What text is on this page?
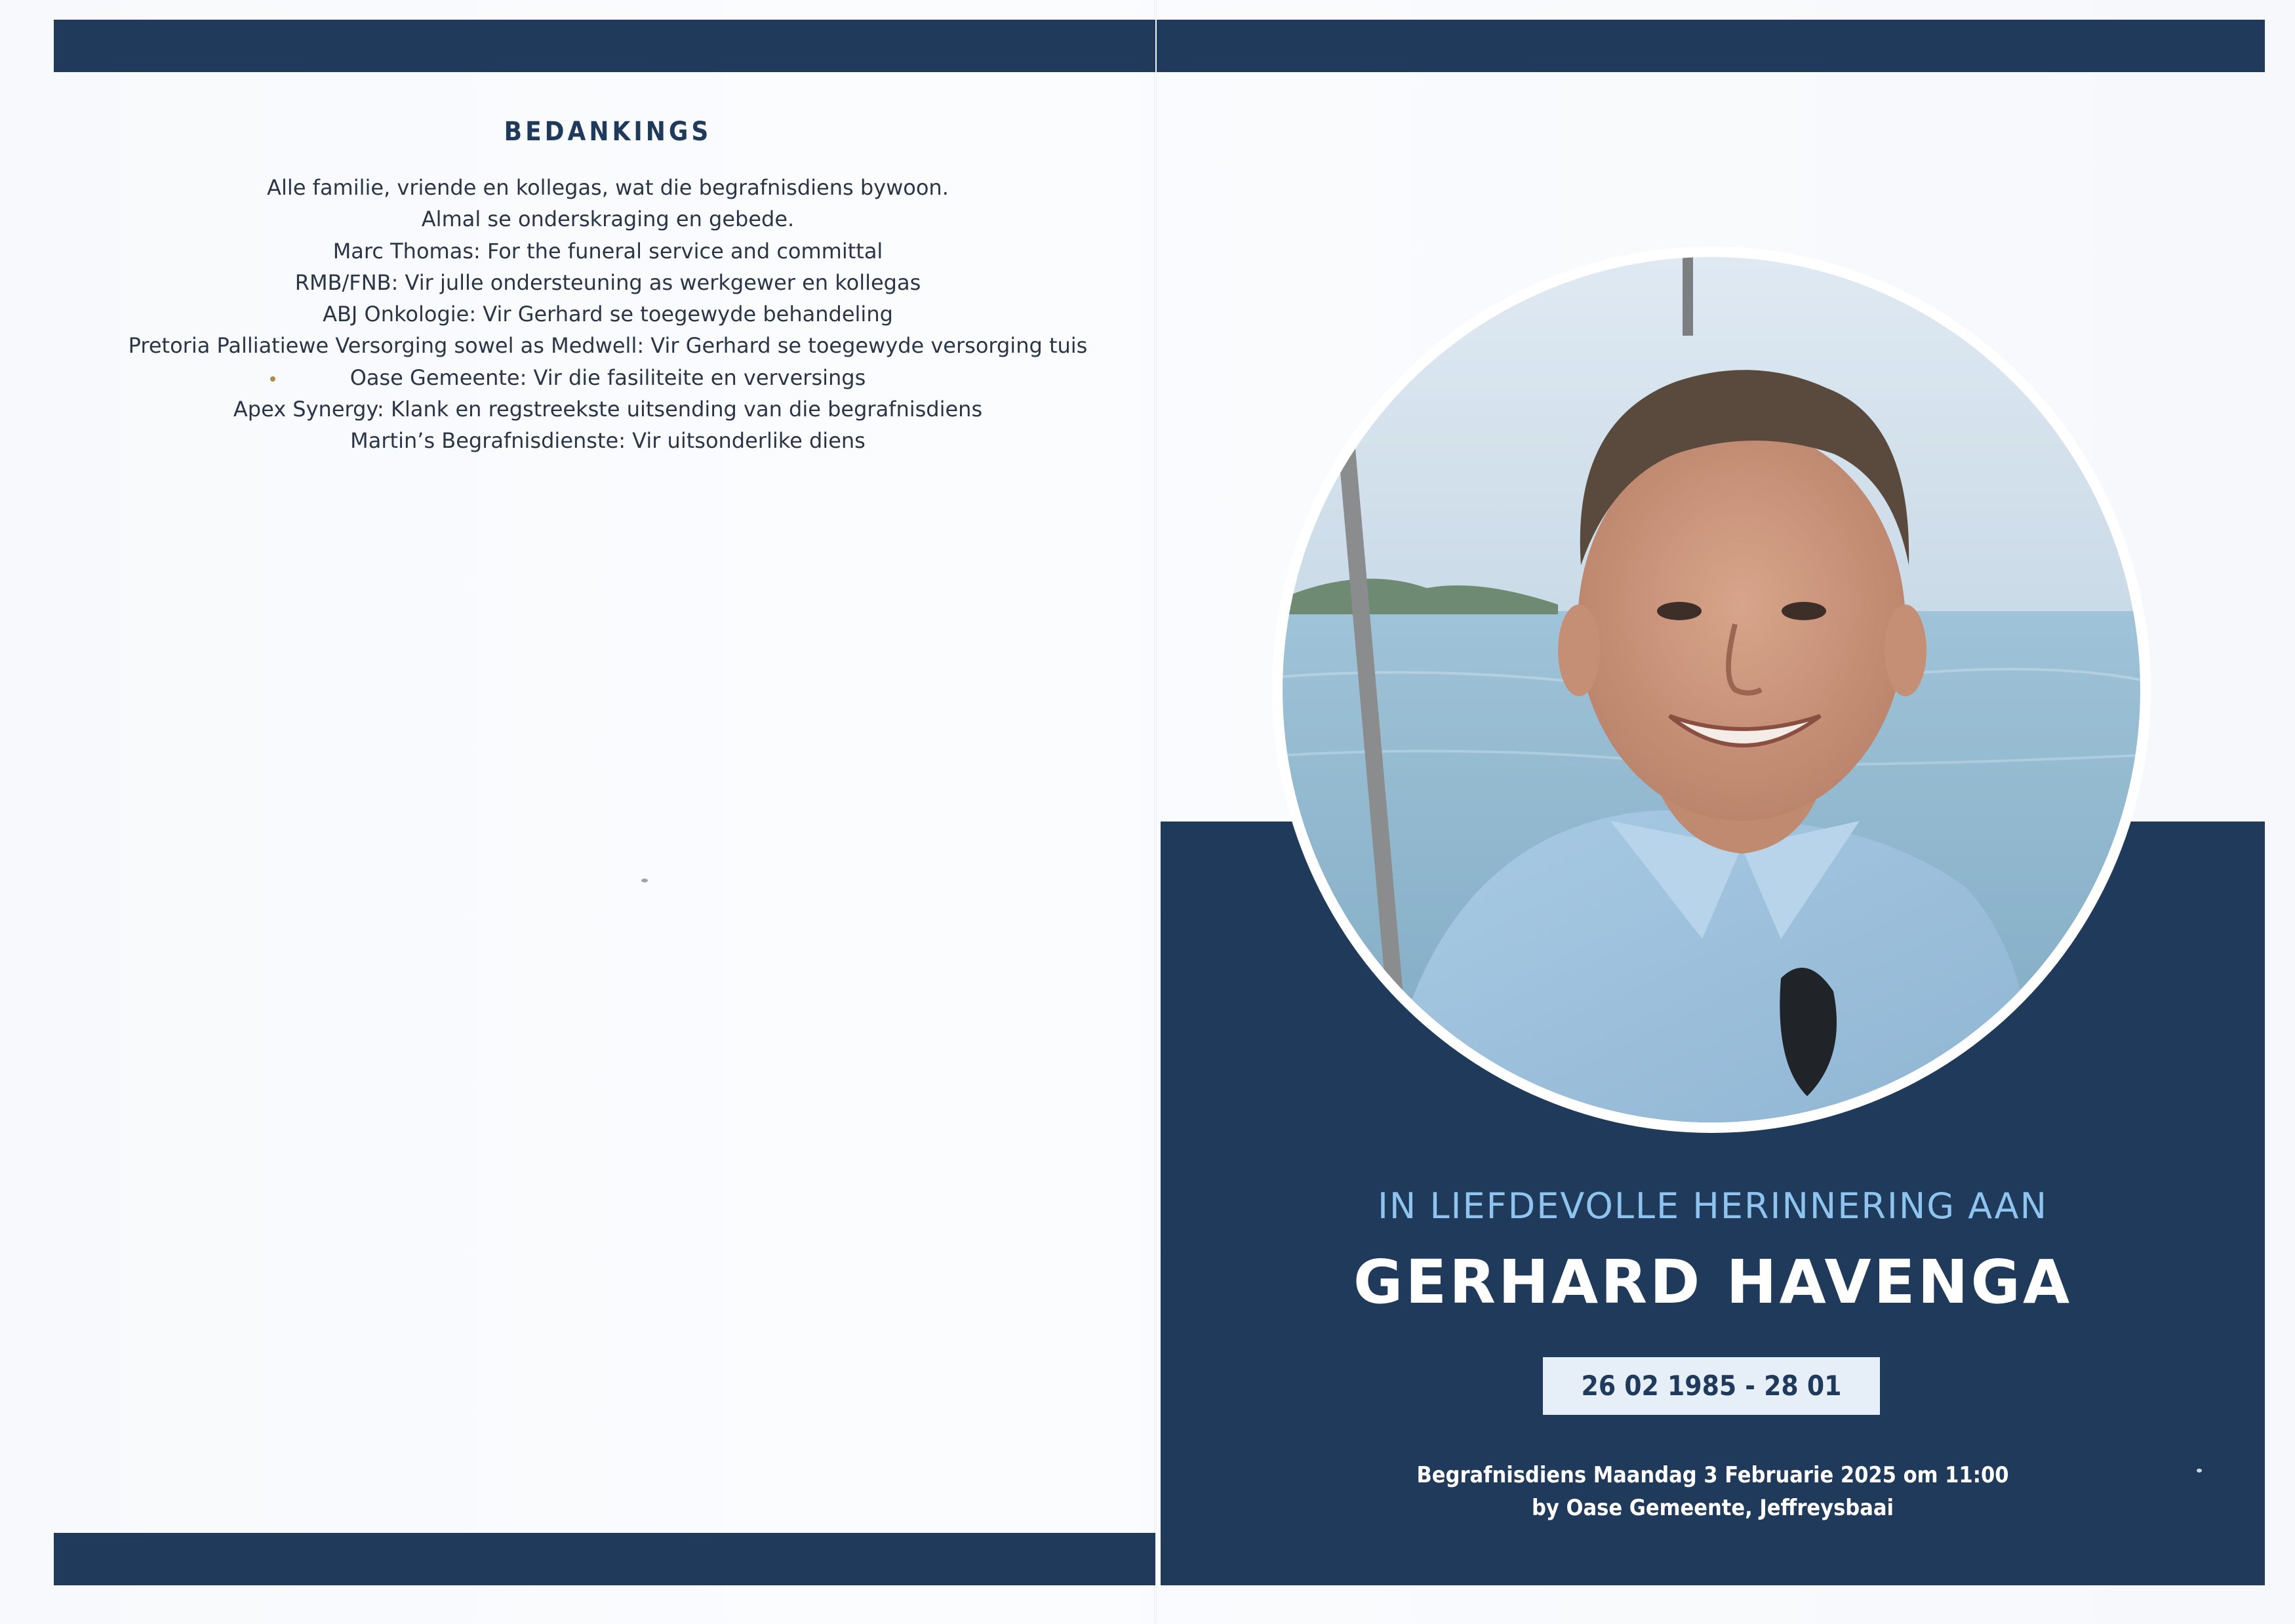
BEDANKINGS
Alle familie, vriende en kollegas, wat die begrafnisdiens bywoon.
Almal se onderskraging en gebede.
Marc Thomas: For the funeral service and committal
RMB/FNB: Vir julle ondersteuning as werkgewer en kollegas
ABJ Onkologie: Vir Gerhard se toegewyde behandeling
Pretoria Palliatiewe Versorging sowel as Medwell: Vir Gerhard se toegewyde versorging tuis
Oase Gemeente: Vir die fasiliteite en verversings
Apex Synergy: Klank en regstreekste uitsending van die begrafnisdiens
Martin’s Begrafnisdienste: Vir uitsonderlike diens
IN LIEFDEVOLLE HERINNERING AAN
GERHARD HAVENGA
26 02 1985 - 28 01 2025
Begrafnisdiens Maandag 3 Februarie 2025 om 11:00
by Oase Gemeente, Jeffreysbaai
